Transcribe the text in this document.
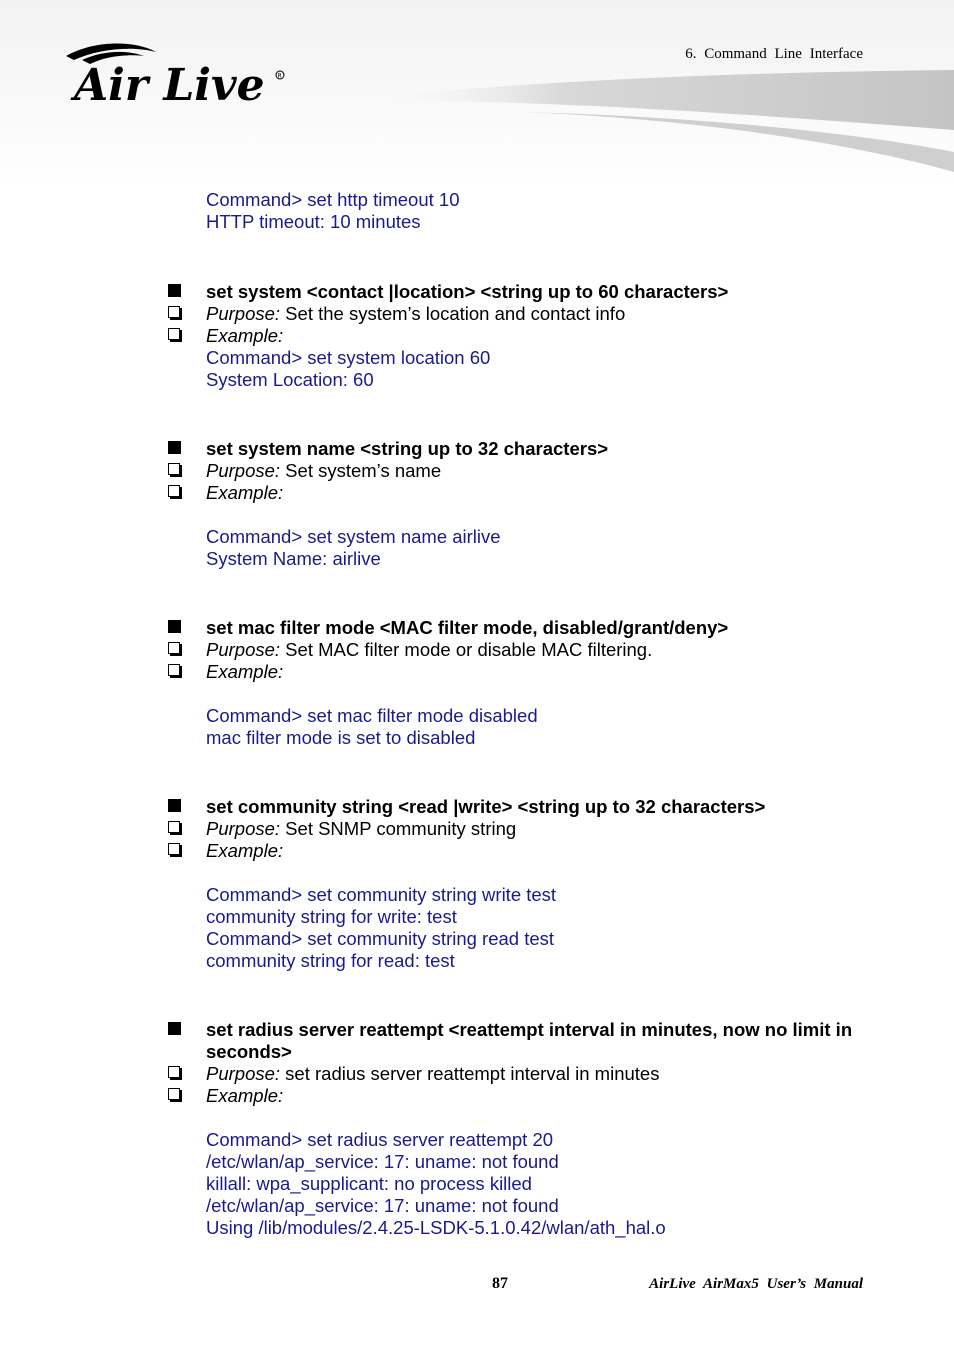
Air Live R
6. Command Line Interface
Command> set http timeout 10
HTTP timeout: 10 minutes
set system <contact |location> <string up to 60 characters>
Purpose: Set the system’s location and contact info
Example:
Command> set system location 60
System Location: 60
set system name <string up to 32 characters>
Purpose: Set system’s name
Example:
Command> set system name airlive
System Name: airlive
set mac filter mode <MAC filter mode, disabled/grant/deny>
Purpose: Set MAC filter mode or disable MAC filtering.
Example:
Command> set mac filter mode disabled
mac filter mode is set to disabled
set community string <read |write> <string up to 32 characters>
Purpose: Set SNMP community string
Example:
Command> set community string write test
community string for write: test
Command> set community string read test
community string for read: test
set radius server reattempt <reattempt interval in minutes, now no limit in seconds>
Purpose: set radius server reattempt interval in minutes
Example:
Command> set radius server reattempt 20
/etc/wlan/ap_service: 17: uname: not found
killall: wpa_supplicant: no process killed
/etc/wlan/ap_service: 17: uname: not found
Using /lib/modules/2.4.25-LSDK-5.1.0.42/wlan/ath_hal.o
87	AirLive AirMax5 User’s Manual
